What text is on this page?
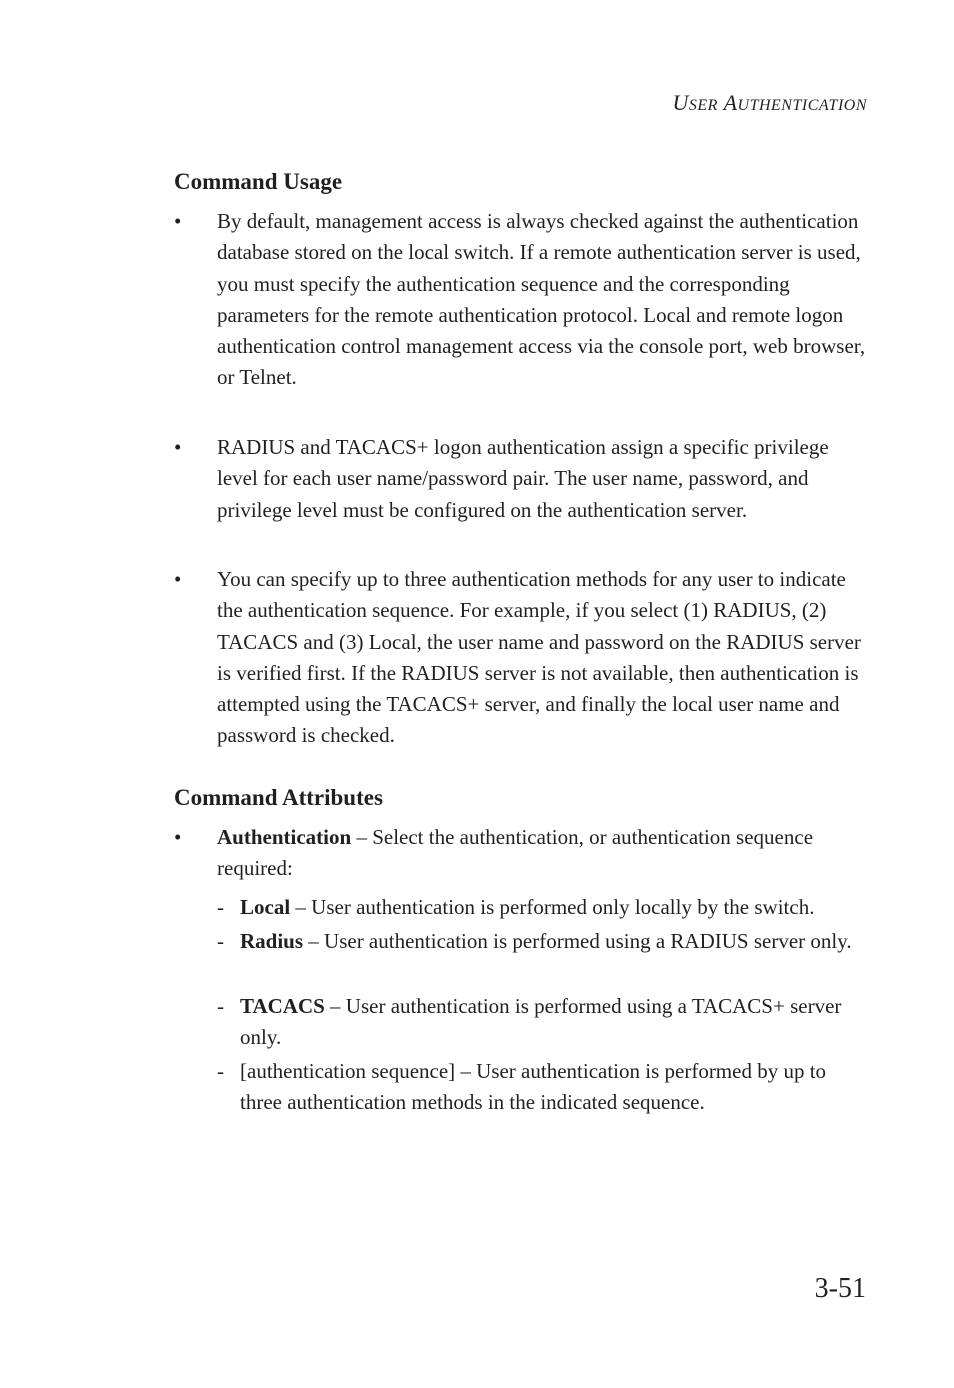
USER AUTHENTICATION
Command Usage
• By default, management access is always checked against the authentication database stored on the local switch. If a remote authentication server is used, you must specify the authentication sequence and the corresponding parameters for the remote authentication protocol. Local and remote logon authentication control management access via the console port, web browser, or Telnet.
• RADIUS and TACACS+ logon authentication assign a specific privilege level for each user name/password pair. The user name, password, and privilege level must be configured on the authentication server.
• You can specify up to three authentication methods for any user to indicate the authentication sequence. For example, if you select (1) RADIUS, (2) TACACS and (3) Local, the user name and password on the RADIUS server is verified first. If the RADIUS server is not available, then authentication is attempted using the TACACS+ server, and finally the local user name and password is checked.
Command Attributes
• Authentication – Select the authentication, or authentication sequence required:
- Local – User authentication is performed only locally by the switch.
- Radius – User authentication is performed using a RADIUS server only.
- TACACS – User authentication is performed using a TACACS+ server only.
- [authentication sequence] – User authentication is performed by up to three authentication methods in the indicated sequence.
3-51
